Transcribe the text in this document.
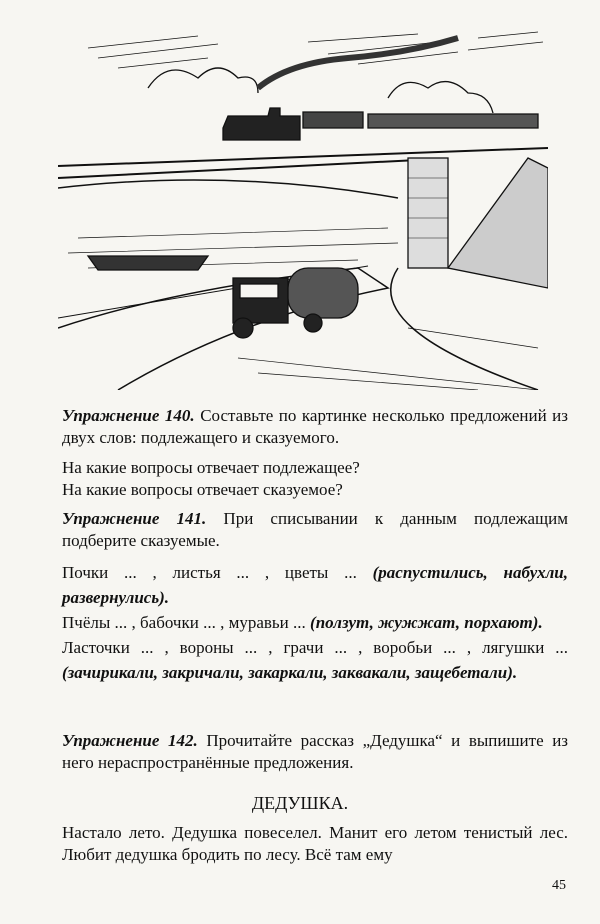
Упражнение 140. Составьте по картинке несколько предложений из двух слов: подлежащего и сказуемого.

На какие вопросы отвечает подлежащее?

На какие вопросы отвечает сказуемое?

Упражнение 141. При списывании к данным подлежащим подберите сказуемые.

Почки ... , листья ... , цветы ... (распустились, набухли, развернулись).

Пчёлы ... , бабочки ... , муравьи ... (ползут, жужжат, порхают).

Ласточки ... , вороны ... , грачи ... , воробьи ... , лягушки ... (зачирикали, закричали, закаркали, заквакали, защебетали).

Упражнение 142. Прочитайте рассказ „Дедушка“ и выпишите из него нераспространённые предложения.

ДЕДУШКА.

Настало лето. Дедушка повеселел. Манит его летом тенистый лес. Любит дедушка бродить по лесу. Всё там ему

45
